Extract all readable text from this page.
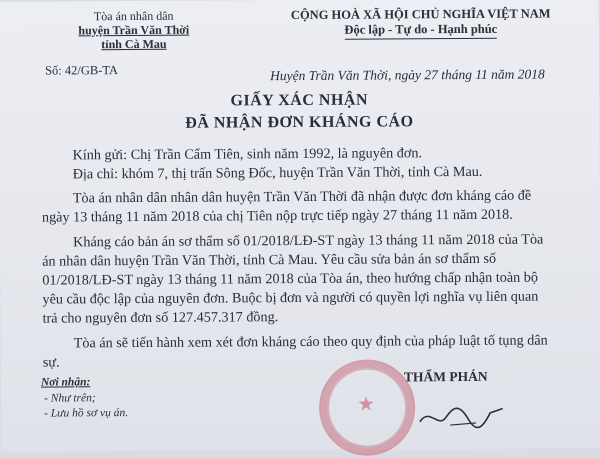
Tòa án nhân dân
huyện Trần Văn Thời
tỉnh Cà Mau
Số: 42/GB-TA
CỘNG HOÀ XÃ HỘI CHỦ NGHĨA VIỆT NAM
Độc lập - Tự do - Hạnh phúc
Huyện Trần Văn Thời, ngày 27 tháng 11 năm 2018
GIẤY XÁC NHẬN
ĐÃ NHẬN ĐƠN KHÁNG CÁO
Kính gửi: Chị Trần Cẩm Tiên, sinh năm 1992, là nguyên đơn.
Địa chỉ: khóm 7, thị trấn Sông Đốc, huyện Trần Văn Thời, tỉnh Cà Mau.
Tòa án nhân dân nhân dân huyện Trần Văn Thời đã nhận được đơn kháng cáo đề
ngày 13 tháng 11 năm 2018 của chị Tiên nộp trực tiếp ngày 27 tháng 11 năm 2018.
Kháng cáo bản án sơ thẩm số 01/2018/LĐ-ST ngày 13 tháng 11 năm 2018 của Tòa
án nhân dân huyện Trần Văn Thời, tỉnh Cà Mau. Yêu cầu sửa bản án sơ thẩm số
01/2018/LĐ-ST ngày 13 tháng 11 năm 2018 của Tòa án, theo hướng chấp nhận toàn bộ
yêu cầu độc lập của nguyên đơn. Buộc bị đơn và người có quyền lợi nghĩa vụ liên quan
trả cho nguyên đơn số 127.457.317 đồng.
Tòa án sẽ tiến hành xem xét đơn kháng cáo theo quy định của pháp luật tố tụng dân
sự.
Nơi nhận:
- Như trên;
- Lưu hồ sơ vụ án.	★
THẨM PHÁN
